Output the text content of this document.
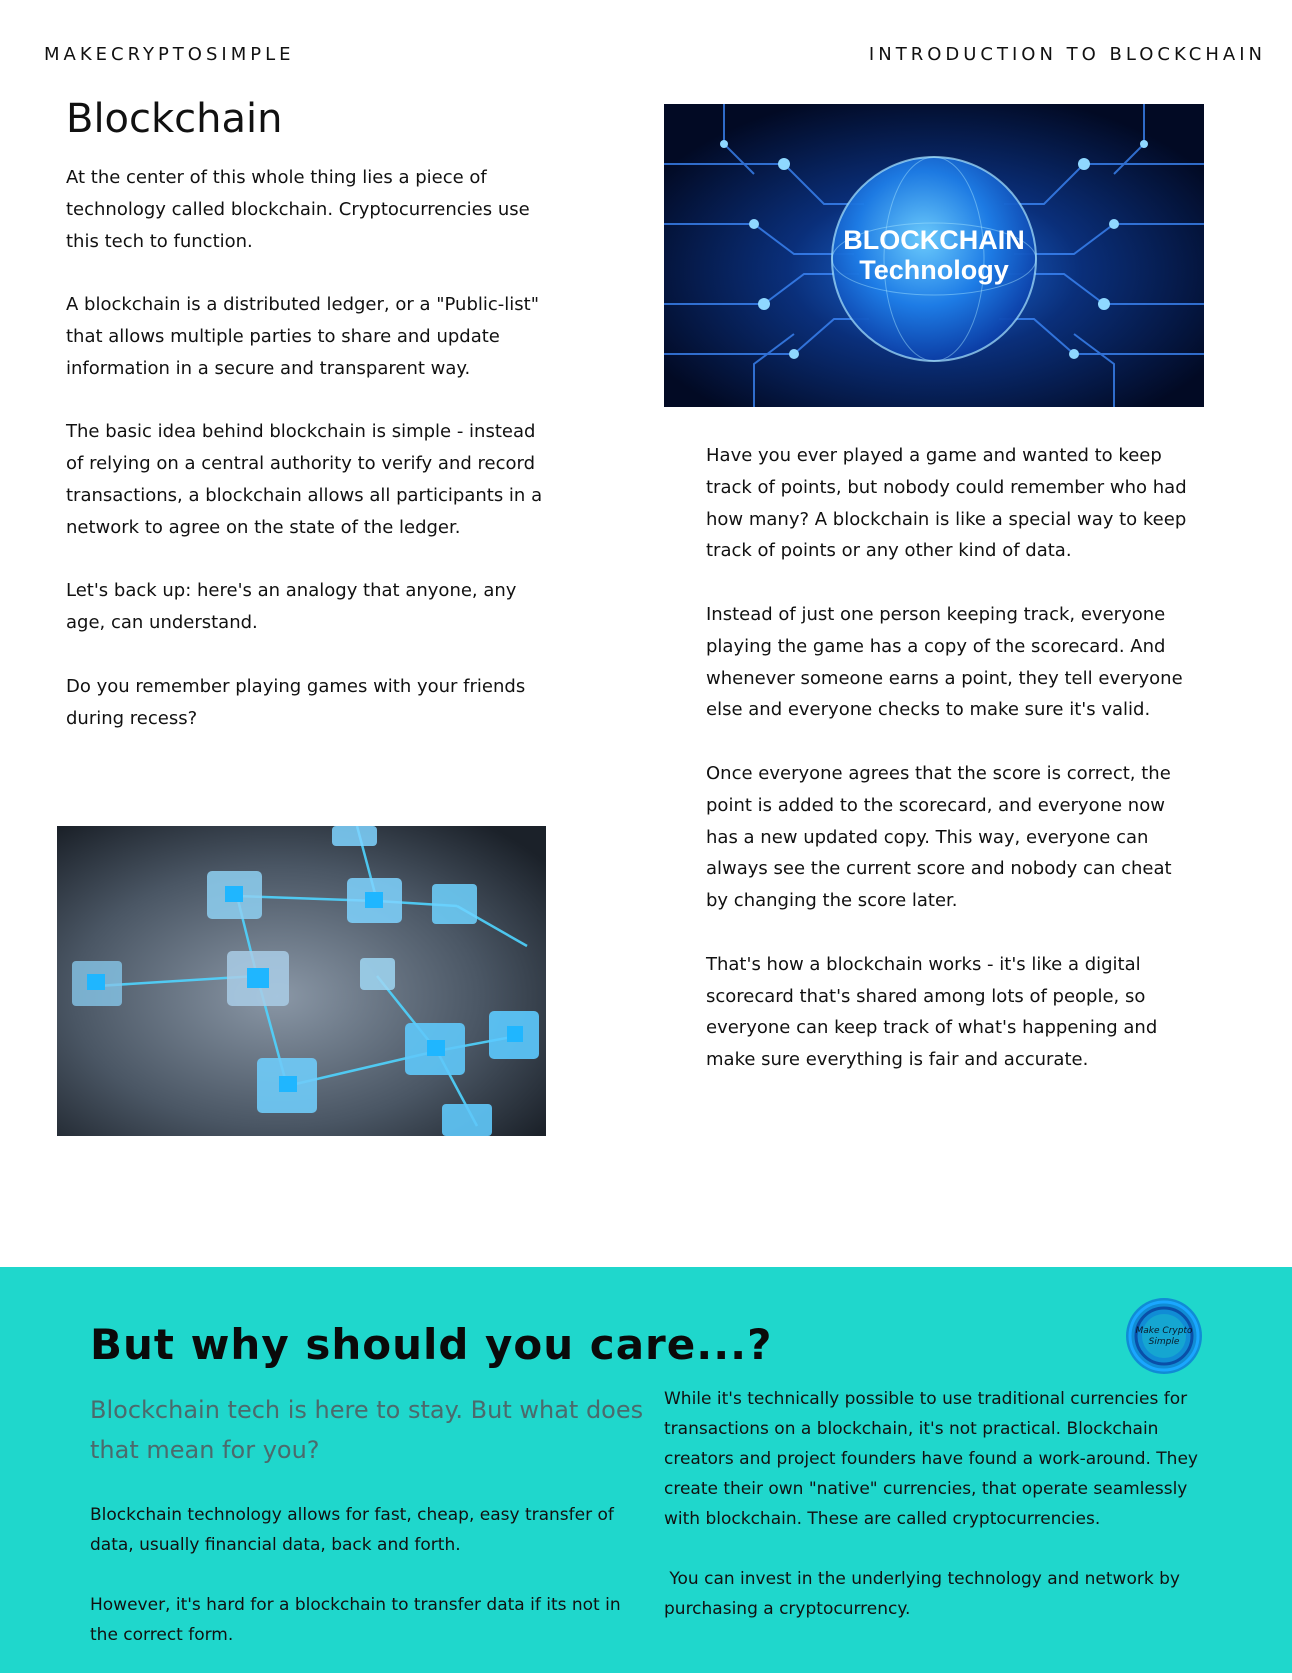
MAKECRYPTOSIMPLE	INTRODUCTION TO BLOCKCHAIN
Blockchain

At the center of this whole thing lies a piece of technology called blockchain. Cryptocurrencies use this tech to function.

A blockchain is a distributed ledger, or a "Public-list" that allows multiple parties to share and update information in a secure and transparent way.

The basic idea behind blockchain is simple - instead of relying on a central authority to verify and record transactions, a blockchain allows all participants in a network to agree on the state of the ledger.

Let's back up: here's an analogy that anyone, any age, can understand.

Do you remember playing games with your friends during recess?

BLOCKCHAIN
Technology

Have you ever played a game and wanted to keep track of points, but nobody could remember who had how many? A blockchain is like a special way to keep track of points or any other kind of data.

Instead of just one person keeping track, everyone playing the game has a copy of the scorecard. And whenever someone earns a point, they tell everyone else and everyone checks to make sure it's valid.

Once everyone agrees that the score is correct, the point is added to the scorecard, and everyone now has a new updated copy. This way, everyone can always see the current score and nobody can cheat by changing the score later.

That's how a blockchain works - it's like a digital scorecard that's shared among lots of people, so everyone can keep track of what's happening and make sure everything is fair and accurate.

But why should you care...?
Blockchain tech is here to stay. But what does that mean for you?

Blockchain technology allows for fast, cheap, easy transfer of data, usually financial data, back and forth.

However, it's hard for a blockchain to transfer data if its not in the correct form.

While it's technically possible to use traditional currencies for transactions on a blockchain, it's not practical. Blockchain creators and project founders have found a work-around. They create their own "native" currencies, that operate seamlessly with blockchain. These are called cryptocurrencies.

You can invest in the underlying technology and network by purchasing a cryptocurrency.

Make Crypto
Simple
